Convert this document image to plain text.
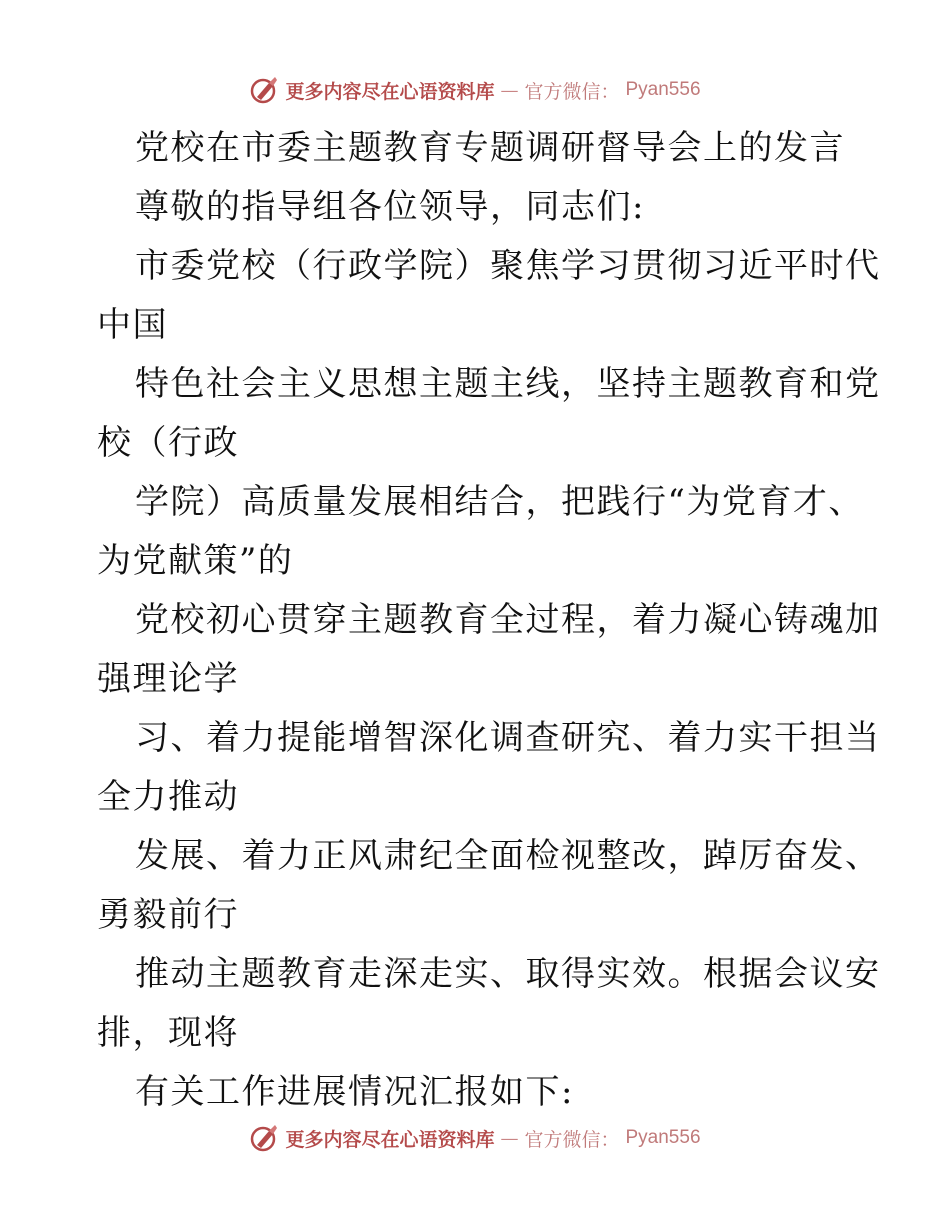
更多内容尽在心语资料库 — 官方微信： Pyan556
党校在市委主题教育专题调研督导会上的发言
尊敬的指导组各位领导，同志们:
市委党校（行政学院）聚焦学习贯彻习近平时代
中国
特色社会主义思想主题主线，坚持主题教育和党
校（行政
学院）高质量发展相结合，把践行“为党育才、
为党献策”的
党校初心贯穿主题教育全过程，着力凝心铸魂加
强理论学
习、着力提能增智深化调查研究、着力实干担当
全力推动
发展、着力正风肃纪全面检视整改，踔厉奋发、
勇毅前行
推动主题教育走深走实、取得实效。根据会议安
排，现将
有关工作进展情况汇报如下:
更多内容尽在心语资料库 — 官方微信： Pyan556
